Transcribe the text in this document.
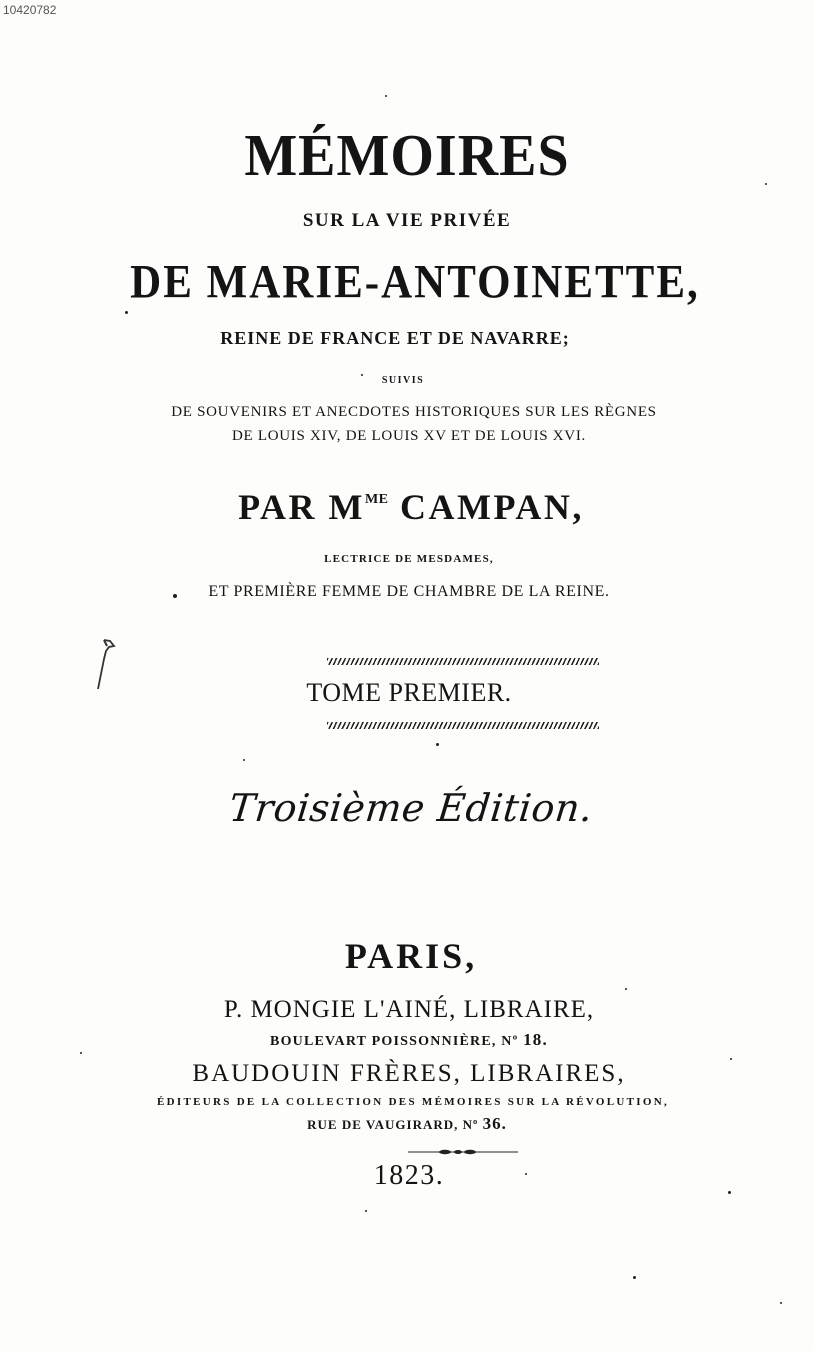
10420782
MÉMOIRES
SUR LA VIE PRIVÉE
DE MARIE-ANTOINETTE,
REINE DE FRANCE ET DE NAVARRE;
SUIVIS
DE SOUVENIRS ET ANECDOTES HISTORIQUES SUR LES RÈGNES
DE LOUIS XIV, DE LOUIS XV ET DE LOUIS XVI.
PAR $M^{ME}$ CAMPAN,
LECTRICE DE MESDAMES,
ET PREMIÈRE FEMME DE CHAMBRE DE LA REINE.
TOME PREMIER.
Troisième Édition.
PARIS,
P. MONGIE L'AINÉ, LIBRAIRE,
BOULEVART POISSONNIÈRE, Nº 18.
BAUDOUIN FRÈRES, LIBRAIRES,
ÉDITEURS DE LA COLLECTION DES MÉMOIRES SUR LA RÉVOLUTION,
RUE DE VAUGIRARD, Nº 36.
1823.
